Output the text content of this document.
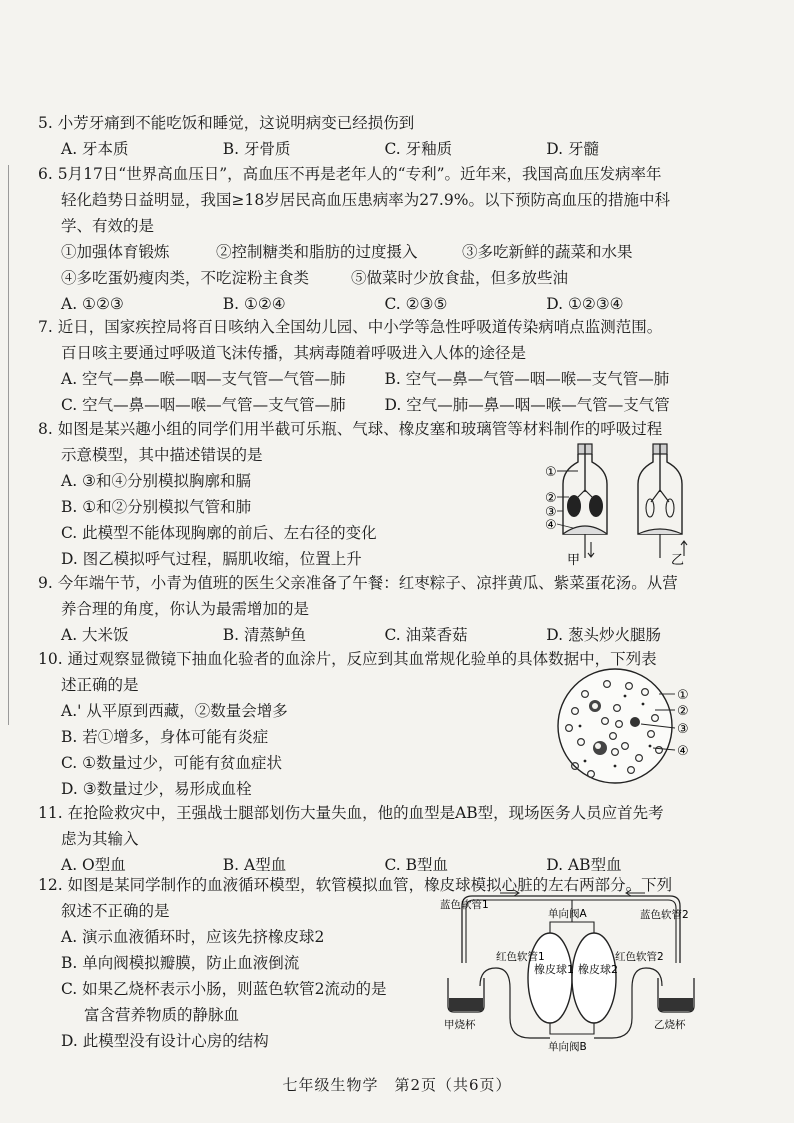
5. 小芳牙痛到不能吃饭和睡觉，这说明病变已经损伤到
A. 牙本质	B. 牙骨质	C. 牙釉质	D. 牙髓
6. 5月17日“世界高血压日”，高血压不再是老年人的“专利”。近年来，我国高血压发病率年
轻化趋势日益明显，我国≥18岁居民高血压患病率为27.9%。以下预防高血压的措施中科
学、有效的是
①加强体育锻炼	②控制糖类和脂肪的过度摄入	③多吃新鲜的蔬菜和水果
④多吃蛋奶瘦肉类，不吃淀粉主食类	⑤做菜时少放食盐，但多放些油
A. ①②③	B. ①②④	C. ②③⑤	D. ①②③④
7. 近日，国家疾控局将百日咳纳入全国幼儿园、中小学等急性呼吸道传染病哨点监测范围。
百日咳主要通过呼吸道飞沫传播，其病毒随着呼吸进入人体的途径是
A. 空气—鼻—喉—咽—支气管—气管—肺	B. 空气—鼻—气管—咽—喉—支气管—肺
C. 空气—鼻—咽—喉—气管—支气管—肺	D. 空气—肺—鼻—咽—喉—气管—支气管
8. 如图是某兴趣小组的同学们用半截可乐瓶、气球、橡皮塞和玻璃管等材料制作的呼吸过程
示意模型，其中描述错误的是
A. ③和④分别模拟胸廓和膈
B. ①和②分别模拟气管和肺
C. 此模型不能体现胸廓的前后、左右径的变化
D. 图乙模拟呼气过程，膈肌收缩，位置上升
①
②
③
④
甲	乙
9. 今年端午节，小青为值班的医生父亲准备了午餐：红枣粽子、凉拌黄瓜、紫菜蛋花汤。从营
养合理的角度，你认为最需增加的是
A. 大米饭	B. 清蒸鲈鱼	C. 油菜香菇	D. 葱头炒火腿肠
10. 通过观察显微镜下抽血化验者的血涂片，反应到其血常规化验单的具体数据中，下列表
述正确的是
A.' 从平原到西藏，②数量会增多
B. 若①增多，身体可能有炎症
C. ①数量过少，可能有贫血症状
D. ③数量过少，易形成血栓
①
②
③
④
11. 在抢险救灾中，王强战士腿部划伤大量失血，他的血型是AB型，现场医务人员应首先考
虑为其输入
A. O型血	B. A型血	C. B型血	D. AB型血
12. 如图是某同学制作的血液循环模型，软管模拟血管，橡皮球模拟心脏的左右两部分。下列
叙述不正确的是
A. 演示血液循环时，应该先挤橡皮球2
B. 单向阀模拟瓣膜，防止血液倒流
C. 如果乙烧杯表示小肠，则蓝色软管2流动的是
富含营养物质的静脉血
D. 此模型没有设计心房的结构
蓝色软管1
蓝色软管2
红色软管1	红色软管2
橡皮球1 橡皮球2
单向阀A
单向阀B
甲烧杯	乙烧杯
七年级生物学　第2页（共6页）
